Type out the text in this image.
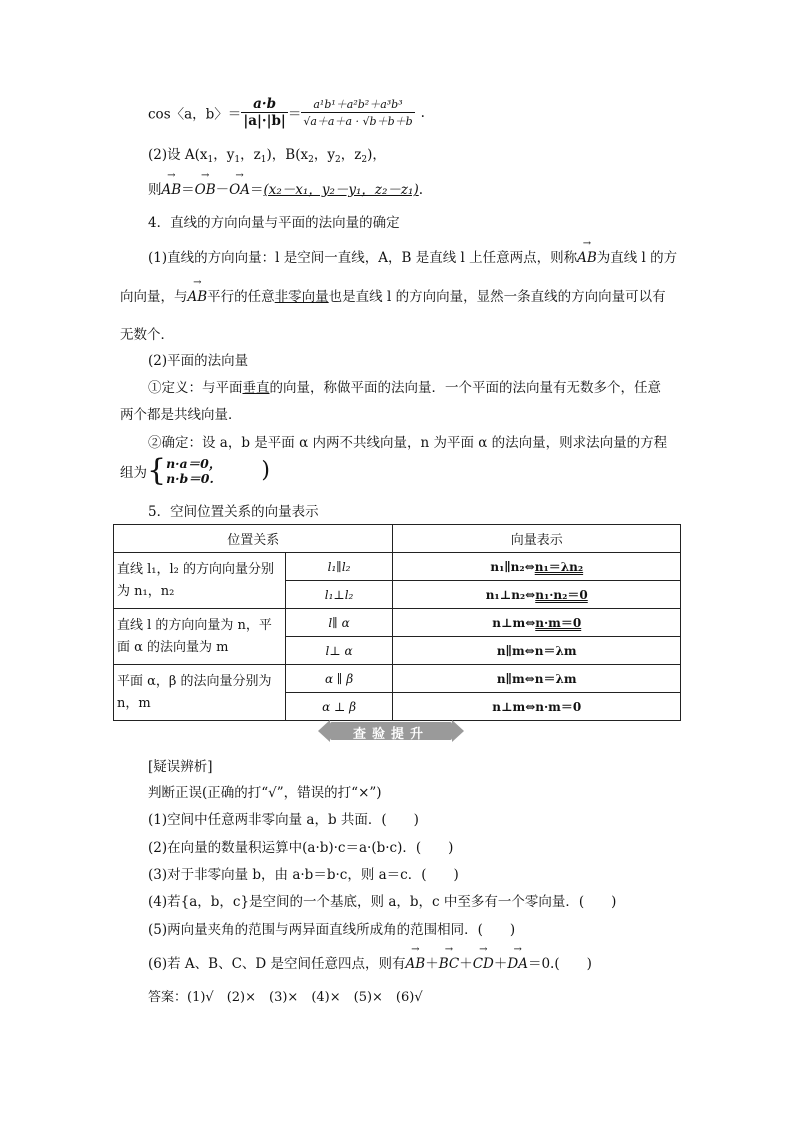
cos〈a，b〉＝ $\frac{a\cdot b}{|a|\cdot|b|} = \frac{\text{a¹b¹＋a²b²＋a³b³}}{√a+a+a \cdot √b+b+b}$ .
(2)设 $A(x_1$，$y_1$，$z_1$)，$B(x_2$，$y_2$，$z_2$)，
则→ AB＝→ OB－→ OA＝(x₂－x₁，y₂－y₁，z₂－z₁).
4．直线的方向向量与平面的法向量的确定
(1)直线的方向向量：l 是空间一直线，A，B 是直线 l 上任意两点，则称→ AB为直线 l 的方
向向量，与→ AB平行的任意非零向量也是直线 l 的方向向量，显然一条直线的方向向量可以有
无数个．
(2)平面的法向量
①定义：与平面垂直的向量，称做平面的法向量．一个平面的法向量有无数多个，任意
两个都是共线向量．
②确定：设 a，b 是平面 α 内两不共线向量，n 为平面 α 的法向量，则求法向量的方程
组为{ n·a＝0，
n·b＝0.	)
5．空间位置关系的向量表示
位置关系		向量表示
直线 l₁，l₂ 的方向向量分别为 n₁，n₂	l₁∥l₂	n₁∥n₂⇔n₁＝λn₂
	l₁⊥l₂	n₁⊥n₂⇔n₁·n₂＝0
直线 l 的方向向量为 n，平面 α 的法向量为 m	l∥ α	n⊥m⇔n·m＝0
	l⊥ α	n∥m⇔n＝λm
平面 α，β 的法向量分别为 n，m	α ∥ β	n∥m⇔n＝λm
	α ⊥ β	n⊥m⇔n·m＝0
查验提升
[疑误辨析]
判断正误(正确的打“√”，错误的打“×”)
(1)空间中任意两非零向量 a，b 共面．(　　)
(2)在向量的数量积运算中(a·b)·c＝a·(b·c)．(　　)
(3)对于非零向量 b，由 a·b＝b·c，则 a＝c．(　　)
(4)若{a，b，c}是空间的一个基底，则 a，b，c 中至多有一个零向量．(　　)
(5)两向量夹角的范围与两异面直线所成角的范围相同．(　　)
(6)若 A、B、C、D 是空间任意四点，则有→ AB＋→ BC＋→ CD＋→ DA＝0.(　　)
答案：(1)√　(2)×　(3)×　(4)×　(5)×　(6)√
